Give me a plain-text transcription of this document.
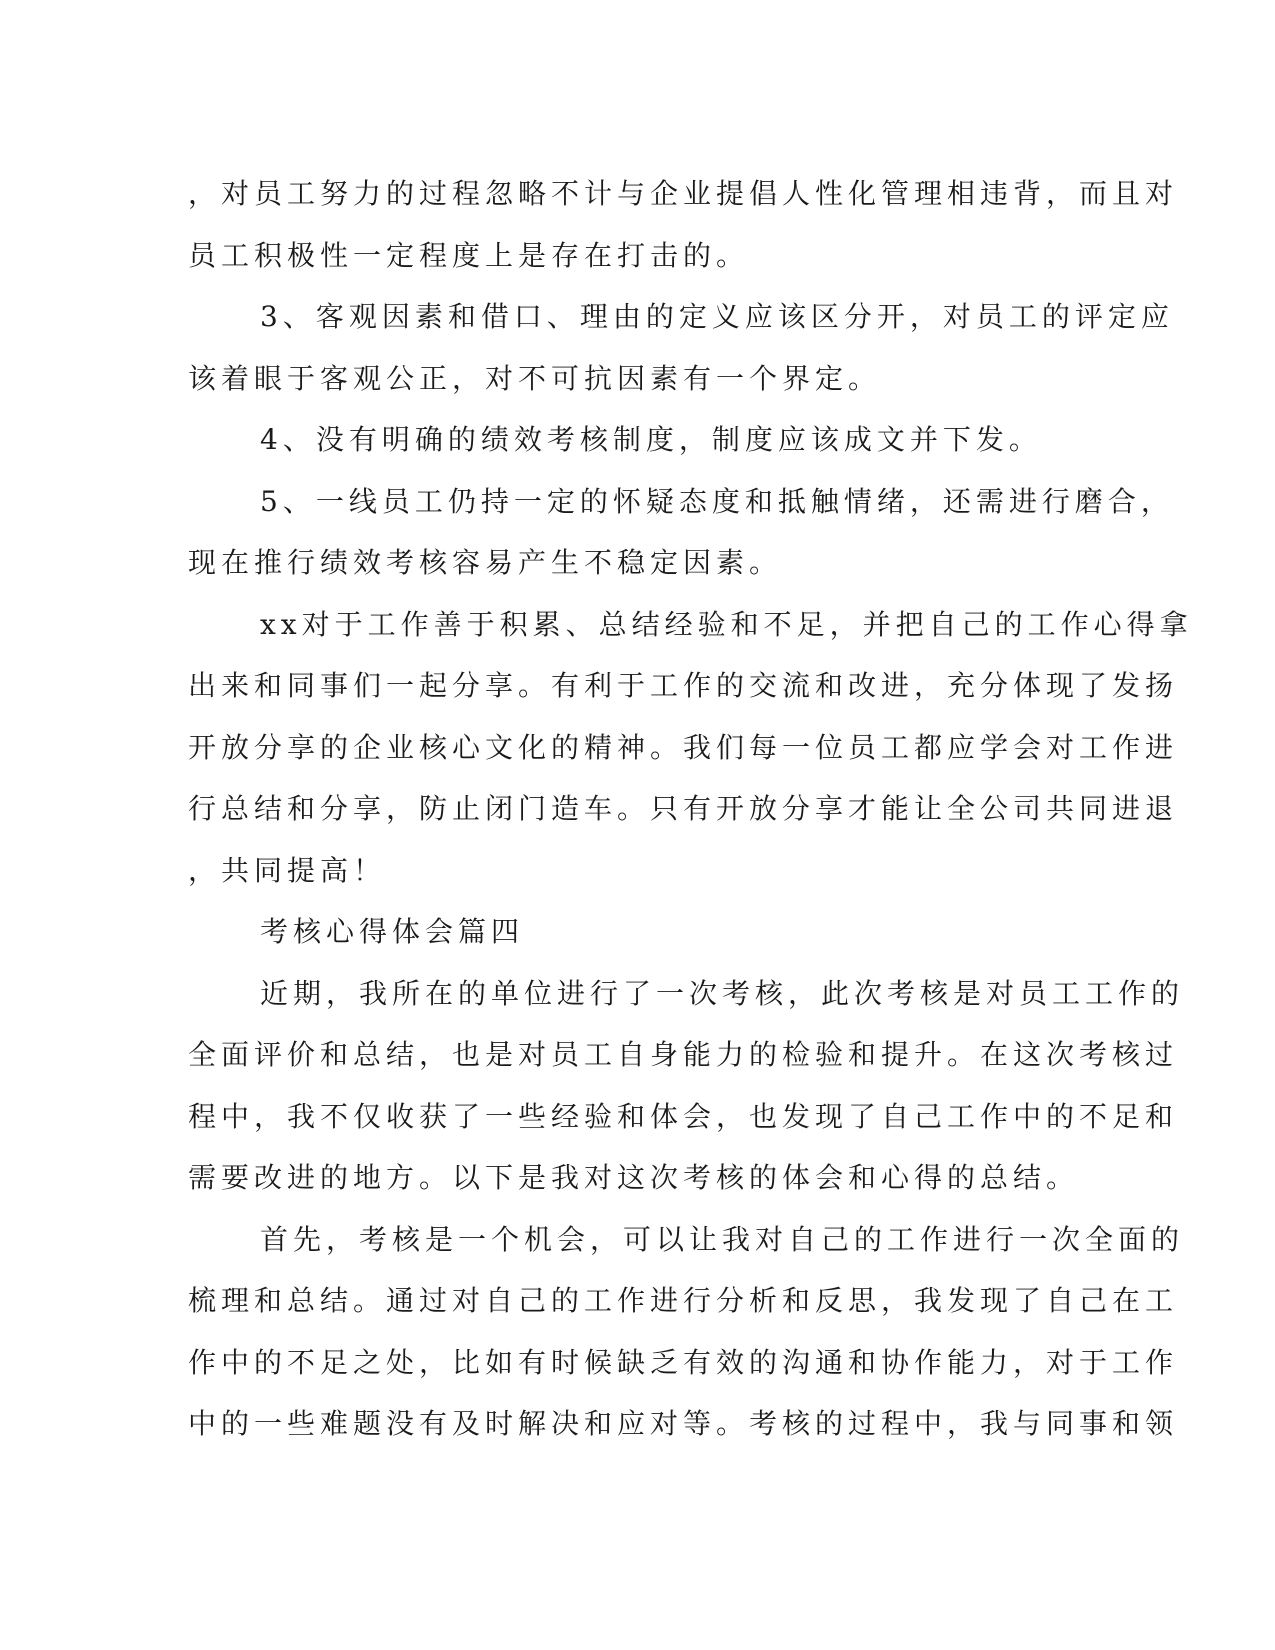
，对员工努力的过程忽略不计与企业提倡人性化管理相违背，而且对
员工积极性一定程度上是存在打击的。
3、客观因素和借口、理由的定义应该区分开，对员工的评定应
该着眼于客观公正，对不可抗因素有一个界定。
4、没有明确的绩效考核制度，制度应该成文并下发。
5、一线员工仍持一定的怀疑态度和抵触情绪，还需进行磨合，
现在推行绩效考核容易产生不稳定因素。
xx对于工作善于积累、总结经验和不足，并把自己的工作心得拿
出来和同事们一起分享。有利于工作的交流和改进，充分体现了发扬
开放分享的企业核心文化的精神。我们每一位员工都应学会对工作进
行总结和分享，防止闭门造车。只有开放分享才能让全公司共同进退
，共同提高！
考核心得体会篇四
近期，我所在的单位进行了一次考核，此次考核是对员工工作的
全面评价和总结，也是对员工自身能力的检验和提升。在这次考核过
程中，我不仅收获了一些经验和体会，也发现了自己工作中的不足和
需要改进的地方。以下是我对这次考核的体会和心得的总结。
首先，考核是一个机会，可以让我对自己的工作进行一次全面的
梳理和总结。通过对自己的工作进行分析和反思，我发现了自己在工
作中的不足之处，比如有时候缺乏有效的沟通和协作能力，对于工作
中的一些难题没有及时解决和应对等。考核的过程中，我与同事和领
